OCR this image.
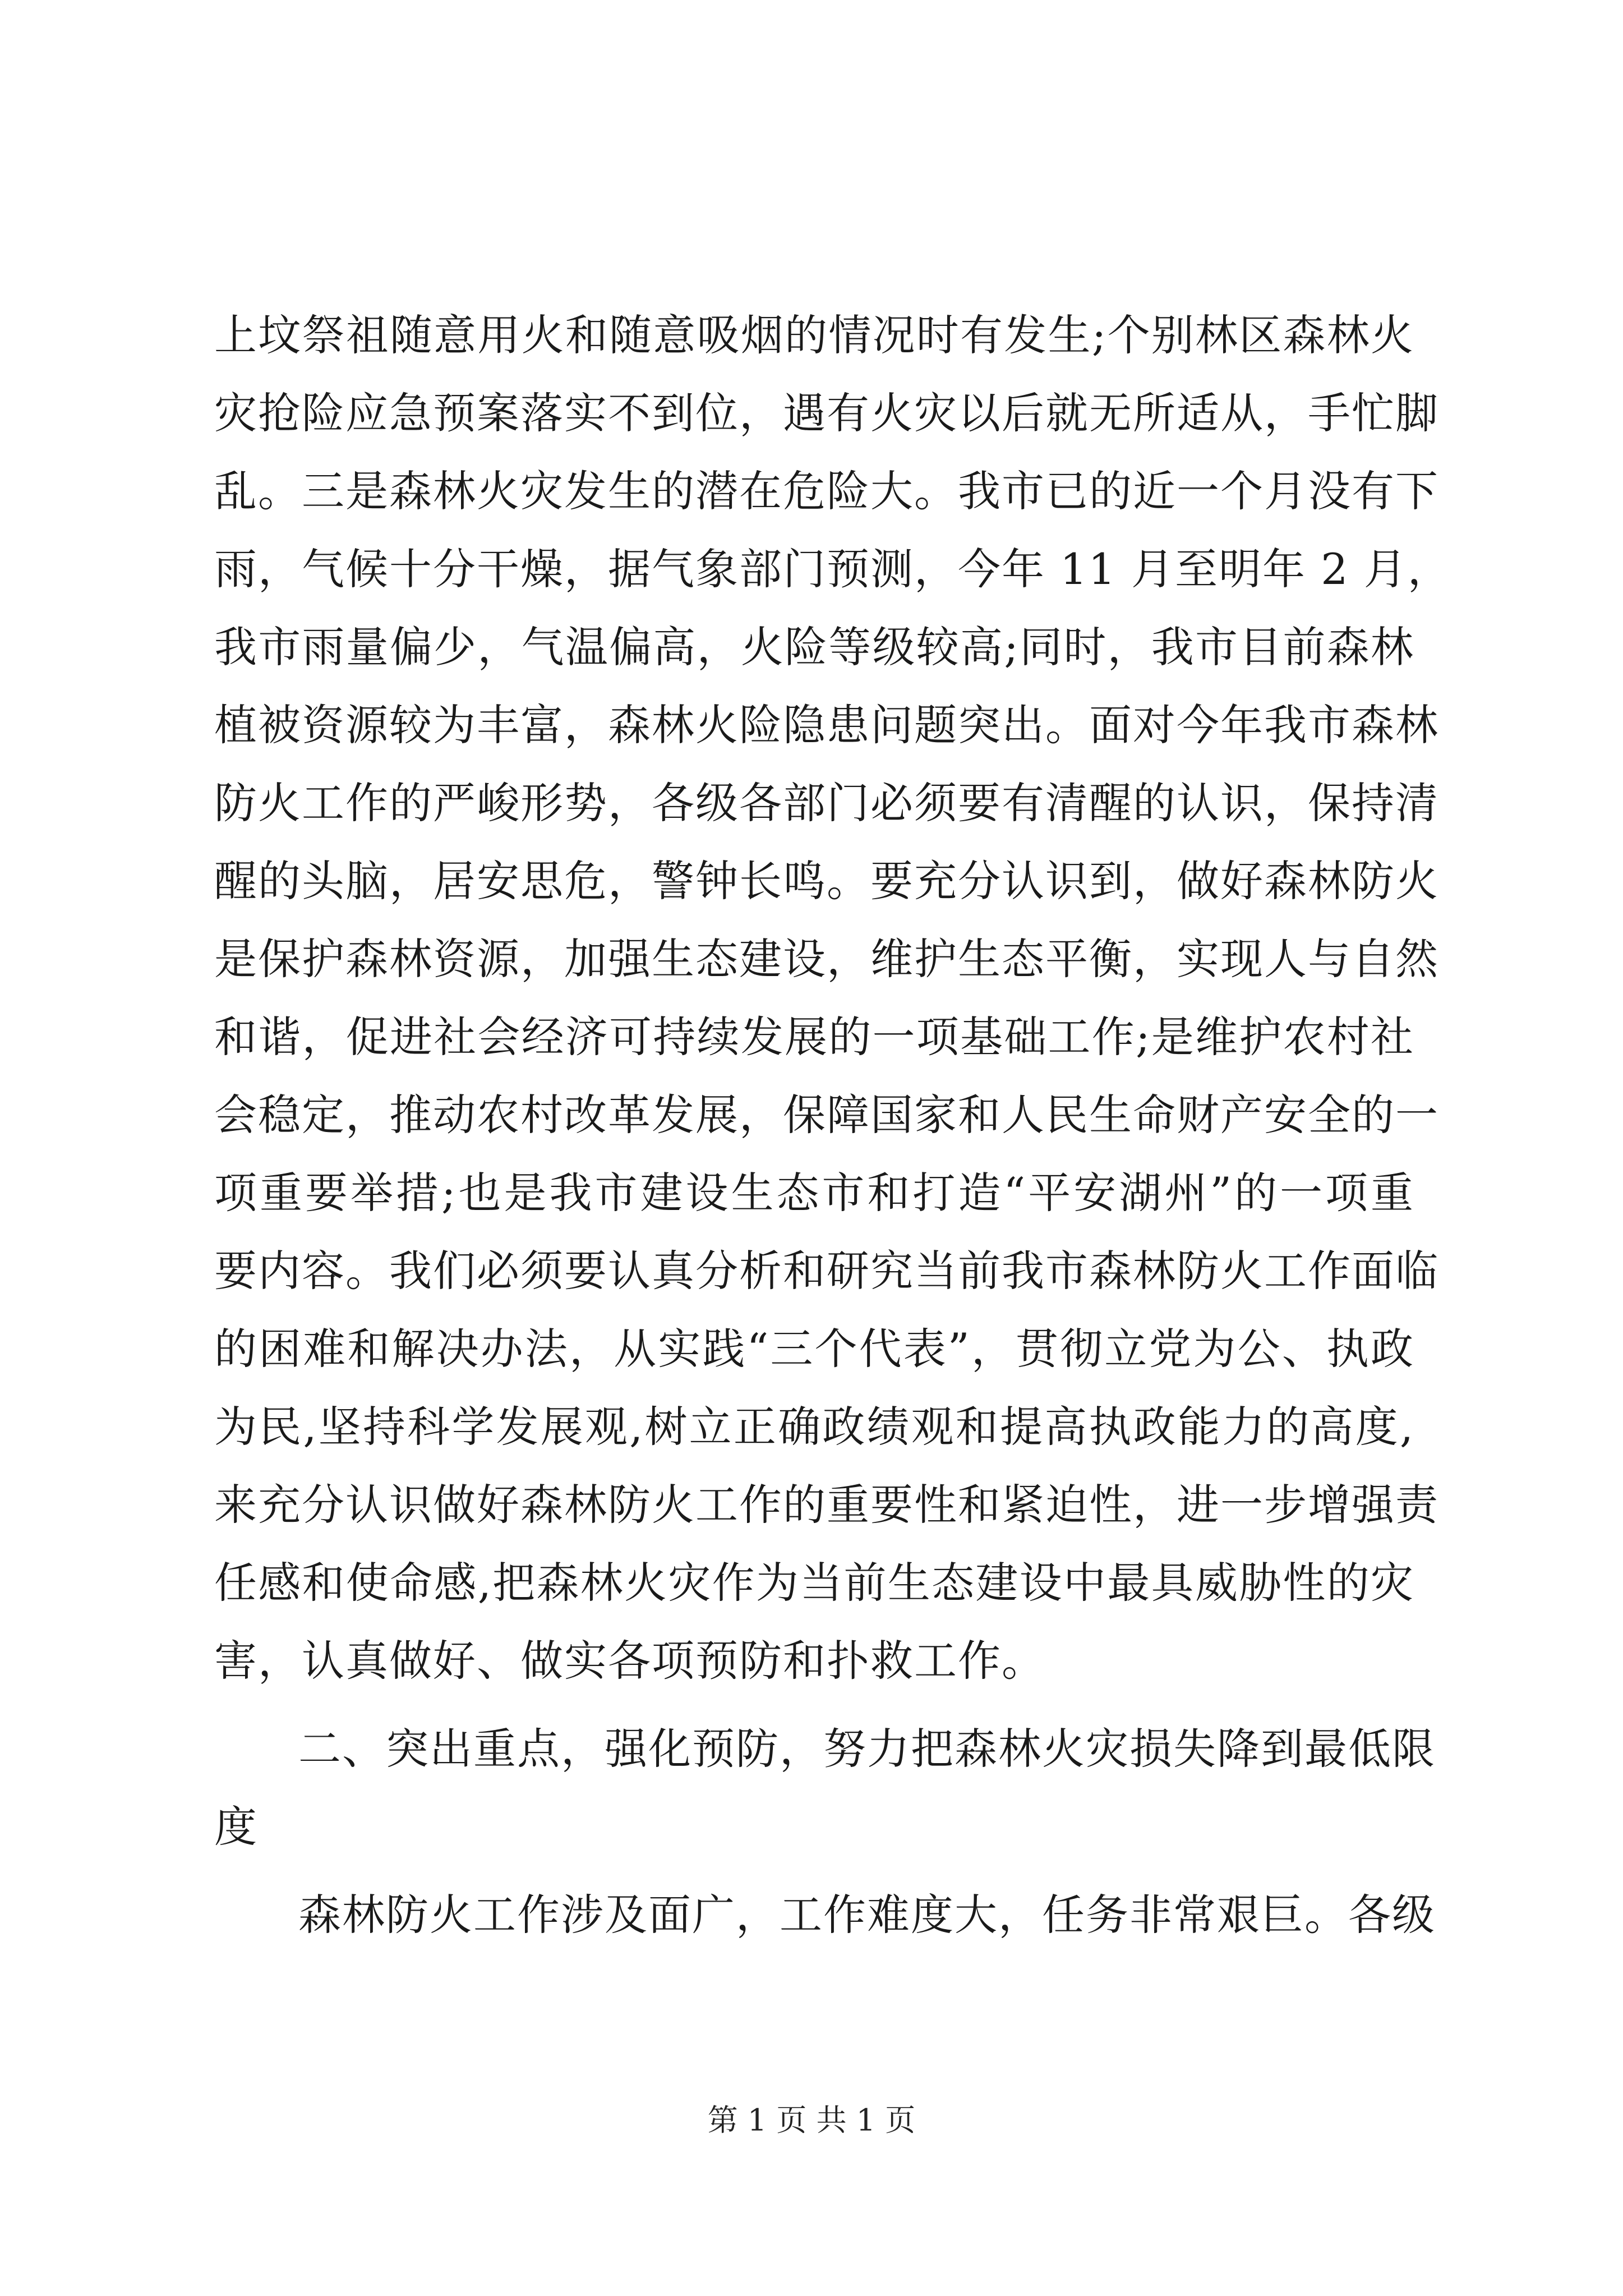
上坟祭祖随意用火和随意吸烟的情况时有发生;个别林区森林火
灾抢险应急预案落实不到位，遇有火灾以后就无所适从，手忙脚
乱。三是森林火灾发生的潜在危险大。我市已的近一个月没有下
雨，气候十分干燥，据气象部门预测，今年 11 月至明年 2 月，
我市雨量偏少，气温偏高，火险等级较高;同时，我市目前森林
植被资源较为丰富，森林火险隐患问题突出。面对今年我市森林
防火工作的严峻形势，各级各部门必须要有清醒的认识，保持清
醒的头脑，居安思危，警钟长鸣。要充分认识到，做好森林防火
是保护森林资源，加强生态建设，维护生态平衡，实现人与自然
和谐，促进社会经济可持续发展的一项基础工作;是维护农村社
会稳定，推动农村改革发展，保障国家和人民生命财产安全的一
项重要举措;也是我市建设生态市和打造“平安湖州”的一项重
要内容。我们必须要认真分析和研究当前我市森林防火工作面临
的困难和解决办法，从实践“三个代表”，贯彻立党为公、执政
为民,坚持科学发展观,树立正确政绩观和提高执政能力的高度,
来充分认识做好森林防火工作的重要性和紧迫性，进一步增强责
任感和使命感,把森林火灾作为当前生态建设中最具威胁性的灾
害，认真做好、做实各项预防和扑救工作。
二、突出重点，强化预防，努力把森林火灾损失降到最低限
度
森林防火工作涉及面广，工作难度大，任务非常艰巨。各级
第 1 页 共 1 页
